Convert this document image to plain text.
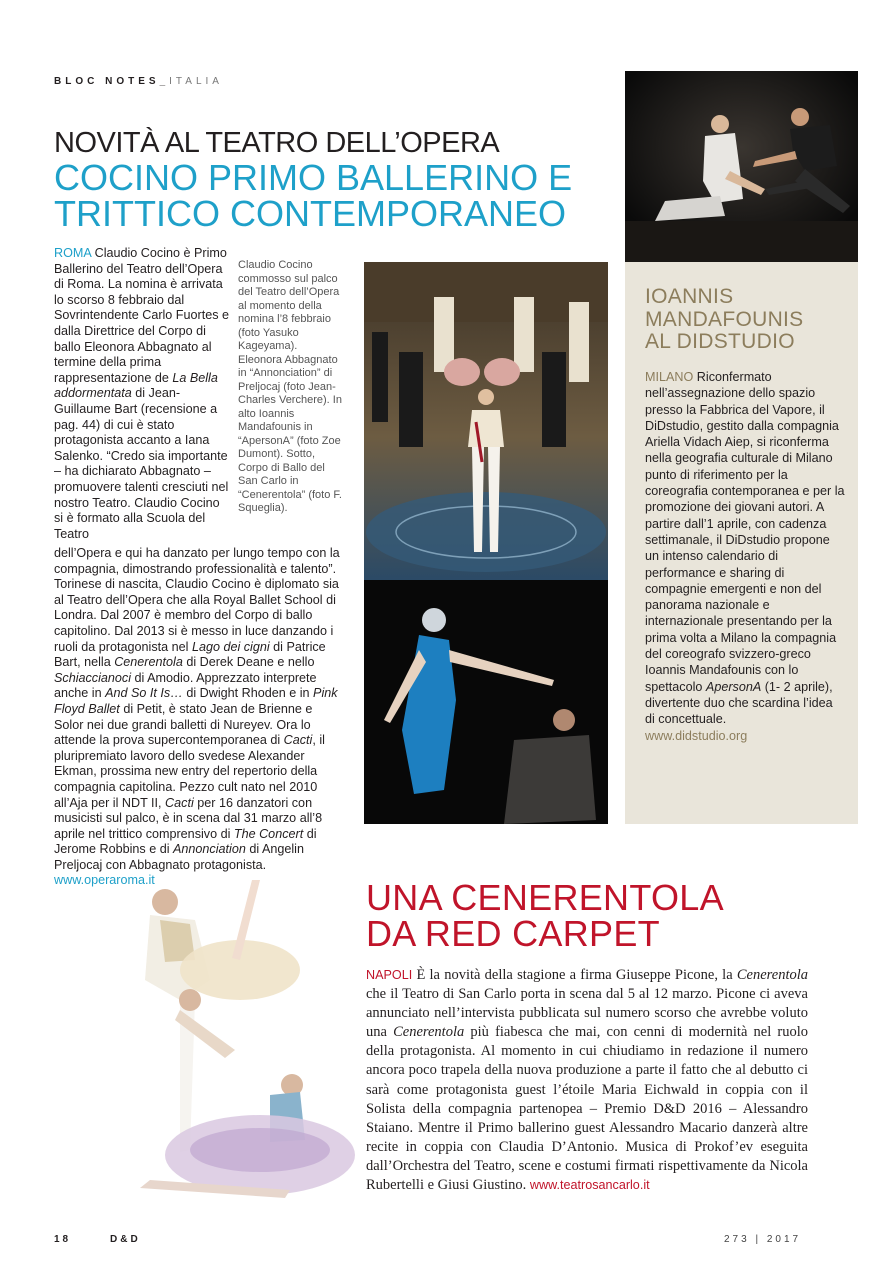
BLOC NOTES_ITALIA
NOVITÀ AL TEATRO DELL’OPERA
COCINO PRIMO BALLERINO E
TRITTICO CONTEMPORANEO
ROMA Claudio Cocino è Primo Ballerino del Teatro dell’Opera di Roma. La nomina è arrivata lo scorso 8 febbraio dal Sovrintendente Carlo Fuortes e dalla Direttrice del Corpo di ballo Eleonora Abbagnato al termine della prima rappresentazione de La Bella addormentata di Jean-Guillaume Bart (recensione a pag. 44) di cui è stato protagonista accanto a Iana Salenko. “Credo sia importante – ha dichiarato Abbagnato – promuovere talenti cresciuti nel nostro Teatro. Claudio Cocino si è formato alla Scuola del Teatro
Claudio Cocino commosso sul palco del Teatro dell’Opera al momento della nomina l’8 febbraio (foto Yasuko Kageyama). Eleonora Abbagnato in “Annonciation” di Preljocaj (foto Jean-Charles Verchere). In alto Ioannis Mandafounis in “ApersonA” (foto Zoe Dumont). Sotto, Corpo di Ballo del San Carlo in “Cenerentola” (foto F. Squeglia).
dell’Opera e qui ha danzato per lungo tempo con la compagnia, dimostrando professionalità e talento”. Torinese di nascita, Claudio Cocino è diplomato sia al Teatro dell’Opera che alla Royal Ballet School di Londra. Dal 2007 è membro del Corpo di ballo capitolino. Dal 2013 si è messo in luce danzando i ruoli da protagonista nel Lago dei cigni di Patrice Bart, nella Cenerentola di Derek Deane e nello Schiaccianoci di Amodio. Apprezzato interprete anche in And So It Is… di Dwight Rhoden e in Pink Floyd Ballet di Petit, è stato Jean de Brienne e Solor nei due grandi balletti di Nureyev. Ora lo attende la prova supercontemporanea di Cacti, il pluripremiato lavoro dello svedese Alexander Ekman, prossima new entry del repertorio della compagnia capitolina. Pezzo cult nato nel 2010 all’Aja per il NDT II, Cacti per 16 danzatori con musicisti sul palco, è in scena dal 31 marzo all’8 aprile nel trittico comprensivo di The Concert di Jerome Robbins e di Annonciation di Angelin Preljocaj con Abbagnato protagonista.
www.operaroma.it
IOANNIS
MANDAFOUNIS
AL DIDSTUDIO
MILANO Riconfermato nell’assegnazione dello spazio presso la Fabbrica del Vapore, il DiDstudio, gestito dalla compagnia Ariella Vidach Aiep, si riconferma nella geografia culturale di Milano punto di riferimento per la coreografia contemporanea e per la promozione dei giovani autori. A partire dall’1 aprile, con cadenza settimanale, il DiDstudio propone un intenso calendario di performance e sharing di compagnie emergenti e non del panorama nazionale e internazionale presentando per la prima volta a Milano la compagnia del coreografo svizzero-greco Ioannis Mandafounis con lo spettacolo ApersonA (1- 2 aprile), divertente duo che scardina l’idea di concettuale.
www.didstudio.org
UNA CENERENTOLA
DA RED CARPET
NAPOLI È la novità della stagione a firma Giuseppe Picone, la Cenerentola che il Teatro di San Carlo porta in scena dal 5 al 12 marzo. Picone ci aveva annunciato nell’intervista pubblicata sul numero scorso che avrebbe voluto una Cenerentola più fiabesca che mai, con cenni di modernità nel ruolo della protagonista. Al momento in cui chiudiamo in redazione il numero ancora poco trapela della nuova produzione a parte il fatto che al debutto ci sarà come protagonista guest l’étoile Maria Eichwald in coppia con il Solista della compagnia partenopea – Premio D&D 2016 – Alessandro Staiano. Mentre il Primo ballerino guest Alessandro Macario danzerà altre recite in coppia con Claudia D’Antonio. Musica di Prokof’ev eseguita dall’Orchestra del Teatro, scene e costumi firmati rispettivamente da Nicola Rubertelli e Giusi Giustino. www.teatrosancarlo.it
18	D&D	273 | 2017
